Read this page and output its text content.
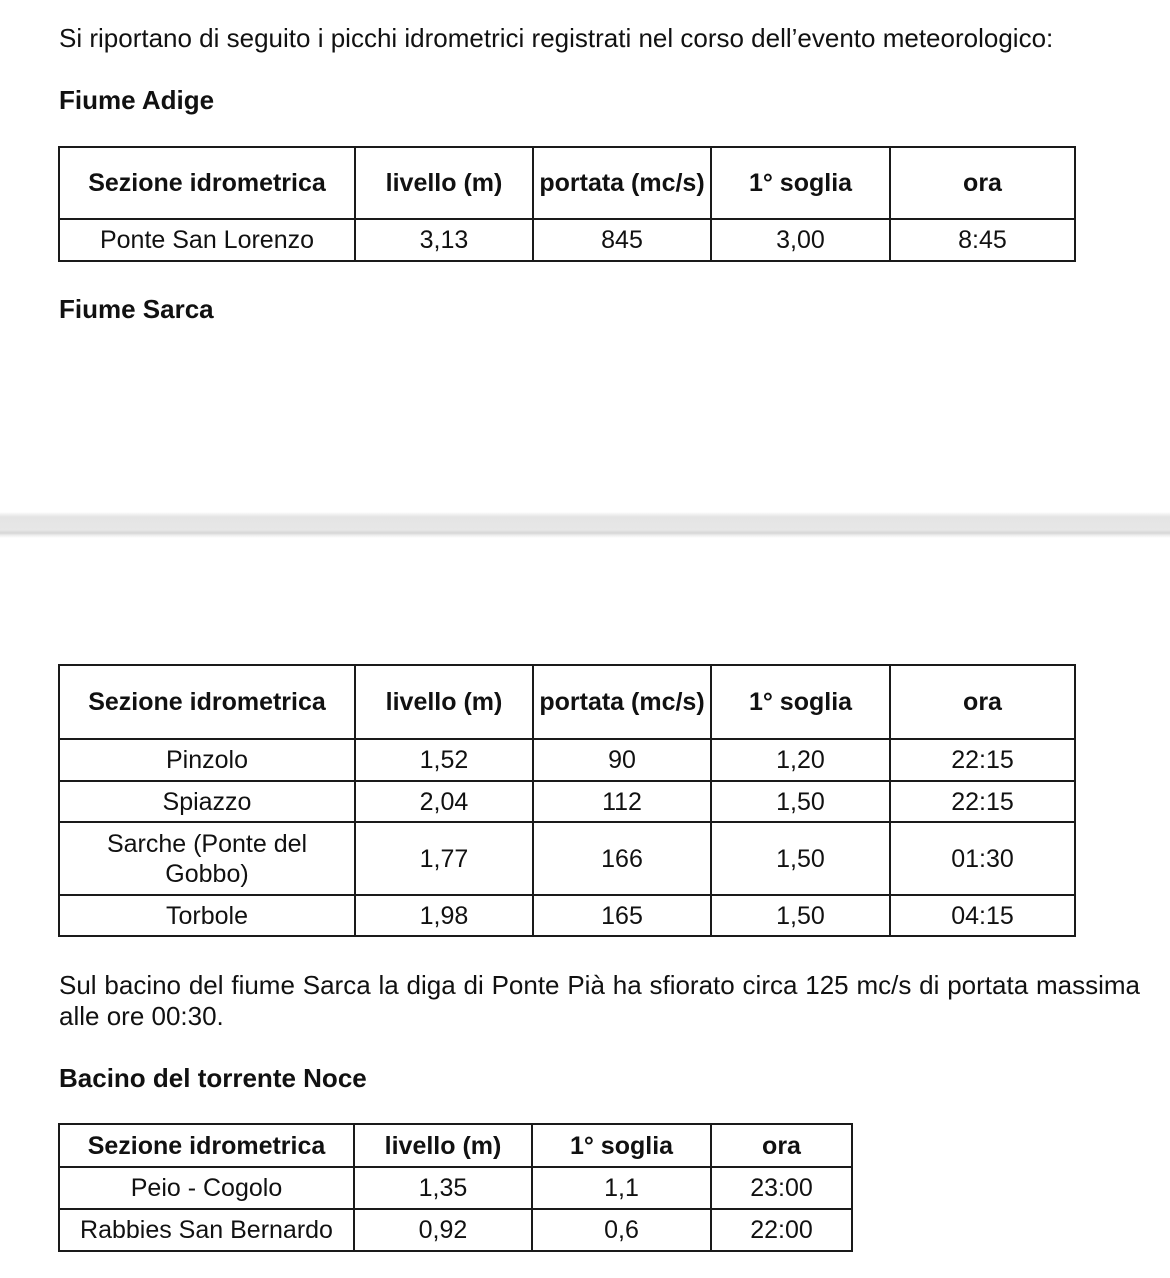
Si riportano di seguito i picchi idrometrici registrati nel corso dell’evento meteorologico:
Fiume Adige
Sezione idrometrica	livello (m)	portata (mc/s)	1° soglia	ora
Ponte San Lorenzo	3,13	845	3,00	8:45
Fiume Sarca
Sezione idrometrica	livello (m)	portata (mc/s)	1° soglia	ora
Pinzolo	1,52	90	1,20	22:15
Spiazzo	2,04	112	1,50	22:15
Sarche (Ponte del Gobbo)	1,77	166	1,50	01:30
Torbole	1,98	165	1,50	04:15
Sul bacino del fiume Sarca la diga di Ponte Pià ha sfiorato circa 125 mc/s di portata massima alle ore 00:30.
Bacino del torrente Noce
Sezione idrometrica	livello (m)	1° soglia	ora
Peio - Cogolo	1,35	1,1	23:00
Rabbies San Bernardo	0,92	0,6	22:00
